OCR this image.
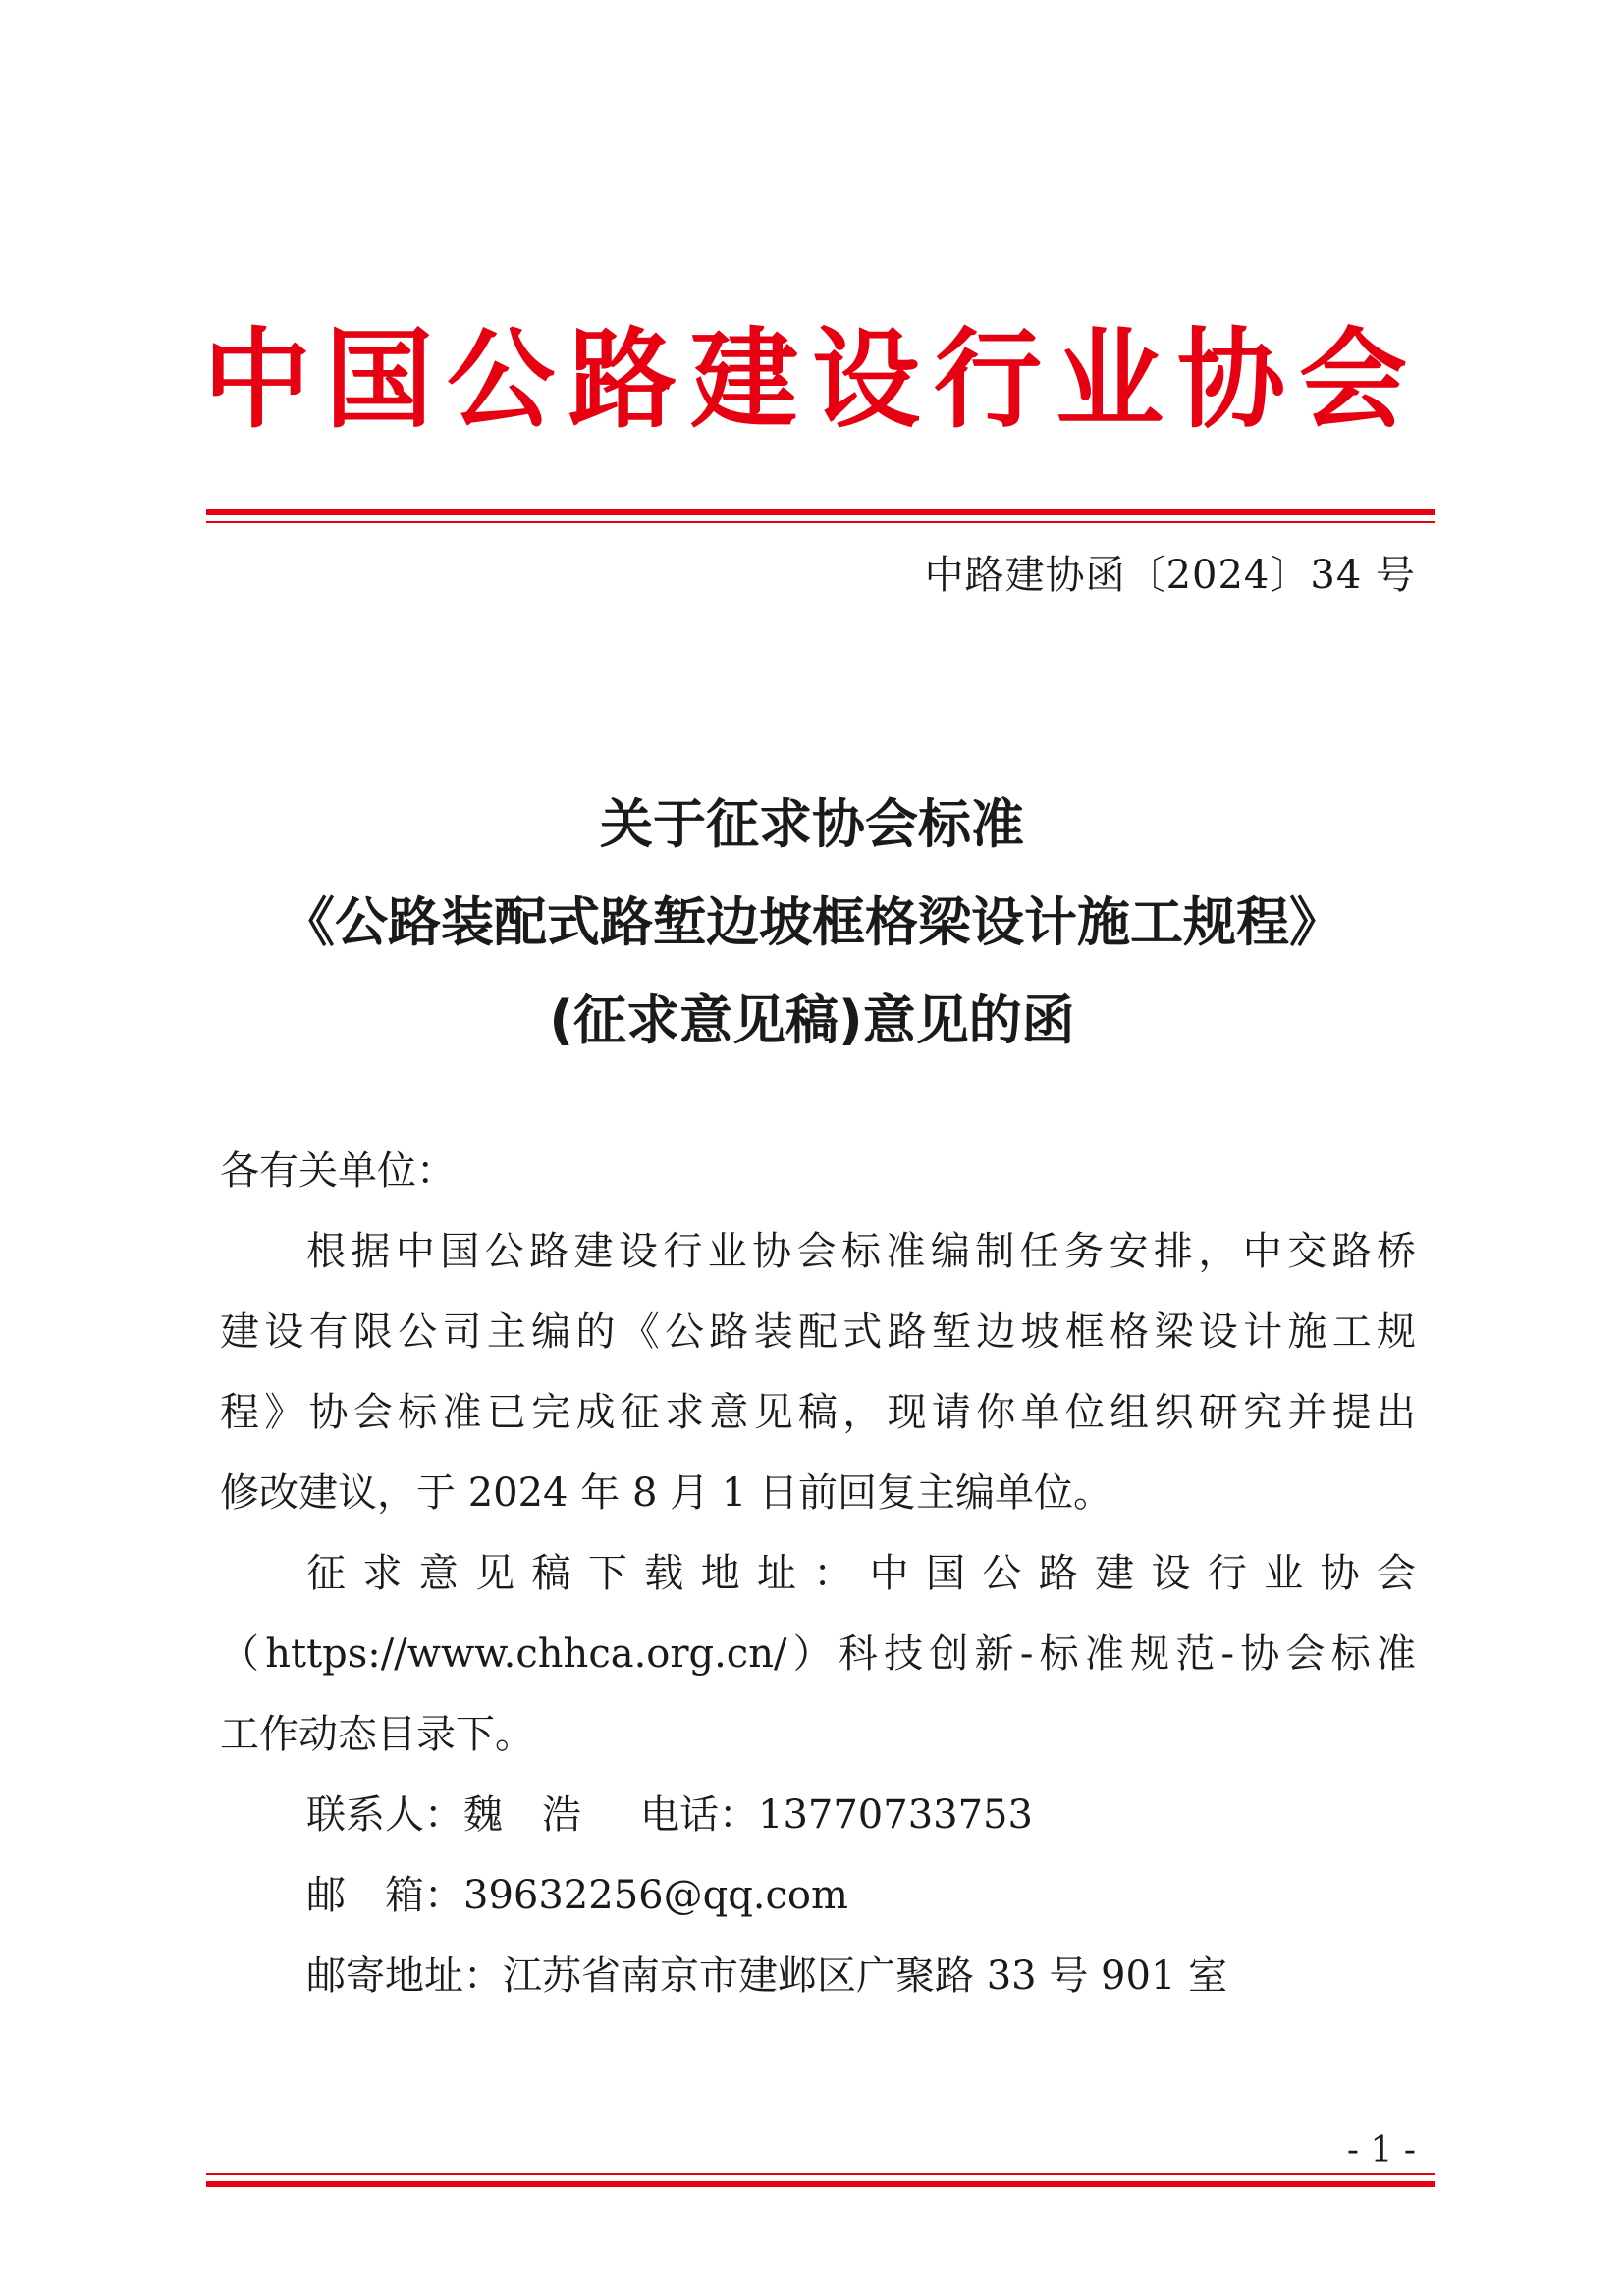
中国公路建设行业协会
中路建协函〔2024〕34 号
关于征求协会标准
《公路装配式路堑边坡框格梁设计施工规程》
(征求意见稿)意见的函
各有关单位：
根据中国公路建设行业协会标准编制任务安排，中交路桥
建设有限公司主编的《公路装配式路堑边坡框格梁设计施工规
程》协会标准已完成征求意见稿，现请你单位组织研究并提出
修改建议，于 2024 年 8 月 1 日前回复主编单位。
征求意见稿下载地址：中国公路建设行业协会
（https://www.chhca.org.cn/）科技创新-标准规范-协会标准
工作动态目录下。
联系人：魏　浩 电话：13770733753
邮　箱：39632256@qq.com
邮寄地址：江苏省南京市建邺区广聚路 33 号 901 室
- 1 -
